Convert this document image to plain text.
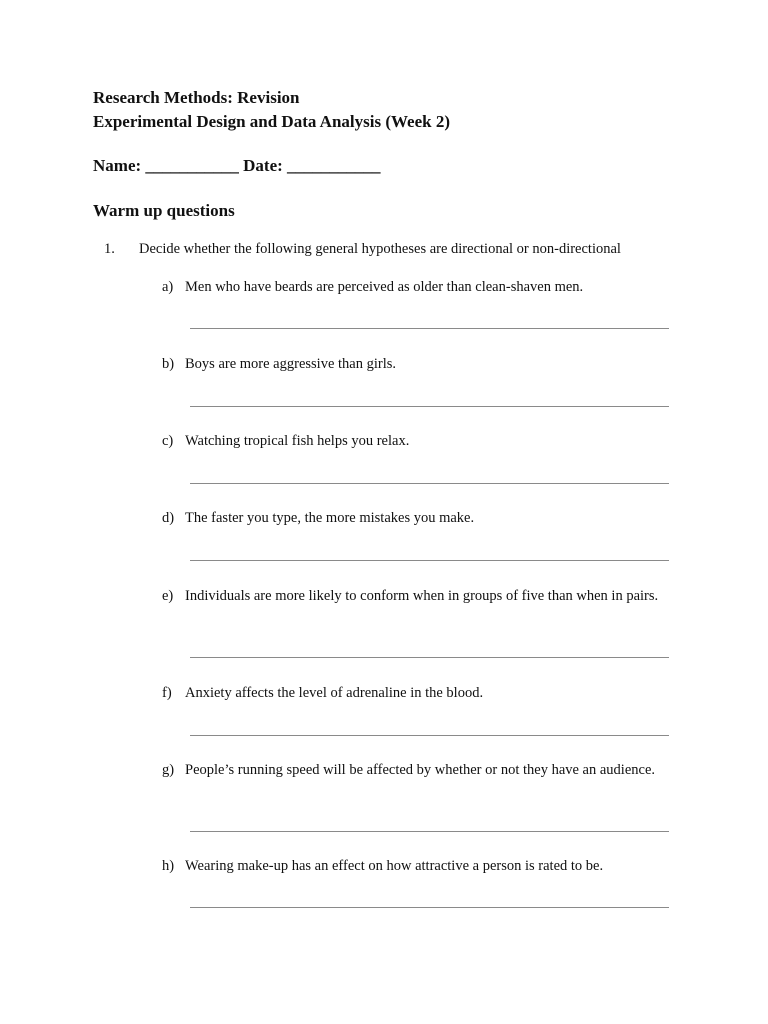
Research Methods: Revision
Experimental Design and Data Analysis (Week 2)
Name: ___________ Date: ___________
Warm up questions
1. Decide whether the following general hypotheses are directional or non-directional
a) Men who have beards are perceived as older than clean-shaven men.
b) Boys are more aggressive than girls.
c) Watching tropical fish helps you relax.
d) The faster you type, the more mistakes you make.
e) Individuals are more likely to conform when in groups of five than when in pairs.
f) Anxiety affects the level of adrenaline in the blood.
g) People’s running speed will be affected by whether or not they have an audience.
h) Wearing make-up has an effect on how attractive a person is rated to be.
